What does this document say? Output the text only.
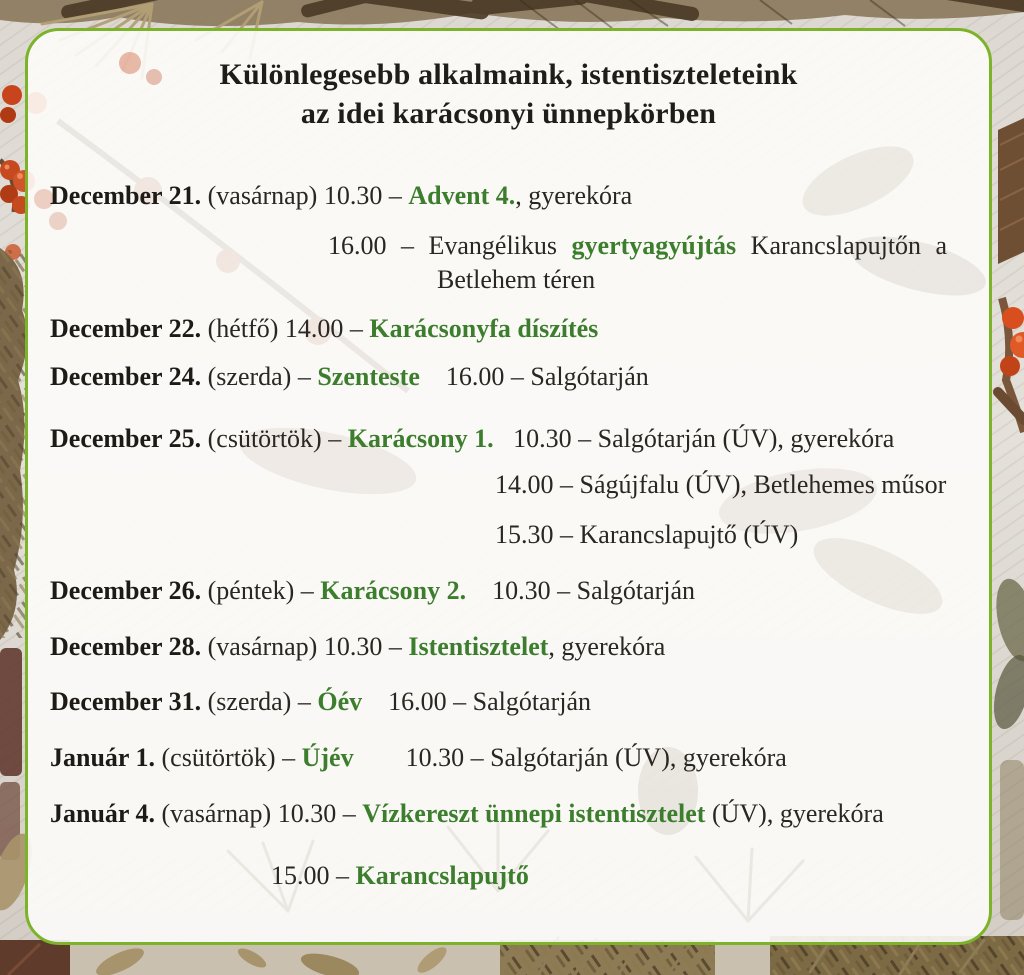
Különlegesebb alkalmaink, istentiszteleteink
az idei karácsonyi ünnepkörben
December 21. (vasárnap) 10.30 – Advent 4., gyerekóra
16.00 – Evangélikus gyertyagyújtás Karancslapujtőn a
Betlehem téren
December 22. (hétfő) 14.00 – Karácsonyfa díszítés
December 24. (szerda) – Szenteste  16.00 – Salgótarján
December 25. (csütörtök) – Karácsony 1.  10.30 – Salgótarján (ÚV), gyerekóra
14.00 – Ságújfalu (ÚV), Betlehemes műsor
15.30 – Karancslapujtő (ÚV)
December 26. (péntek) – Karácsony 2.  10.30 – Salgótarján
December 28. (vasárnap) 10.30 – Istentisztelet, gyerekóra
December 31. (szerda) – Óév  16.00 – Salgótarján
Január 1. (csütörtök) – Újév    10.30 – Salgótarján (ÚV), gyerekóra
Január 4. (vasárnap) 10.30 – Vízkereszt ünnepi istentisztelet (ÚV), gyerekóra
15.00 – Karancslapujtő
